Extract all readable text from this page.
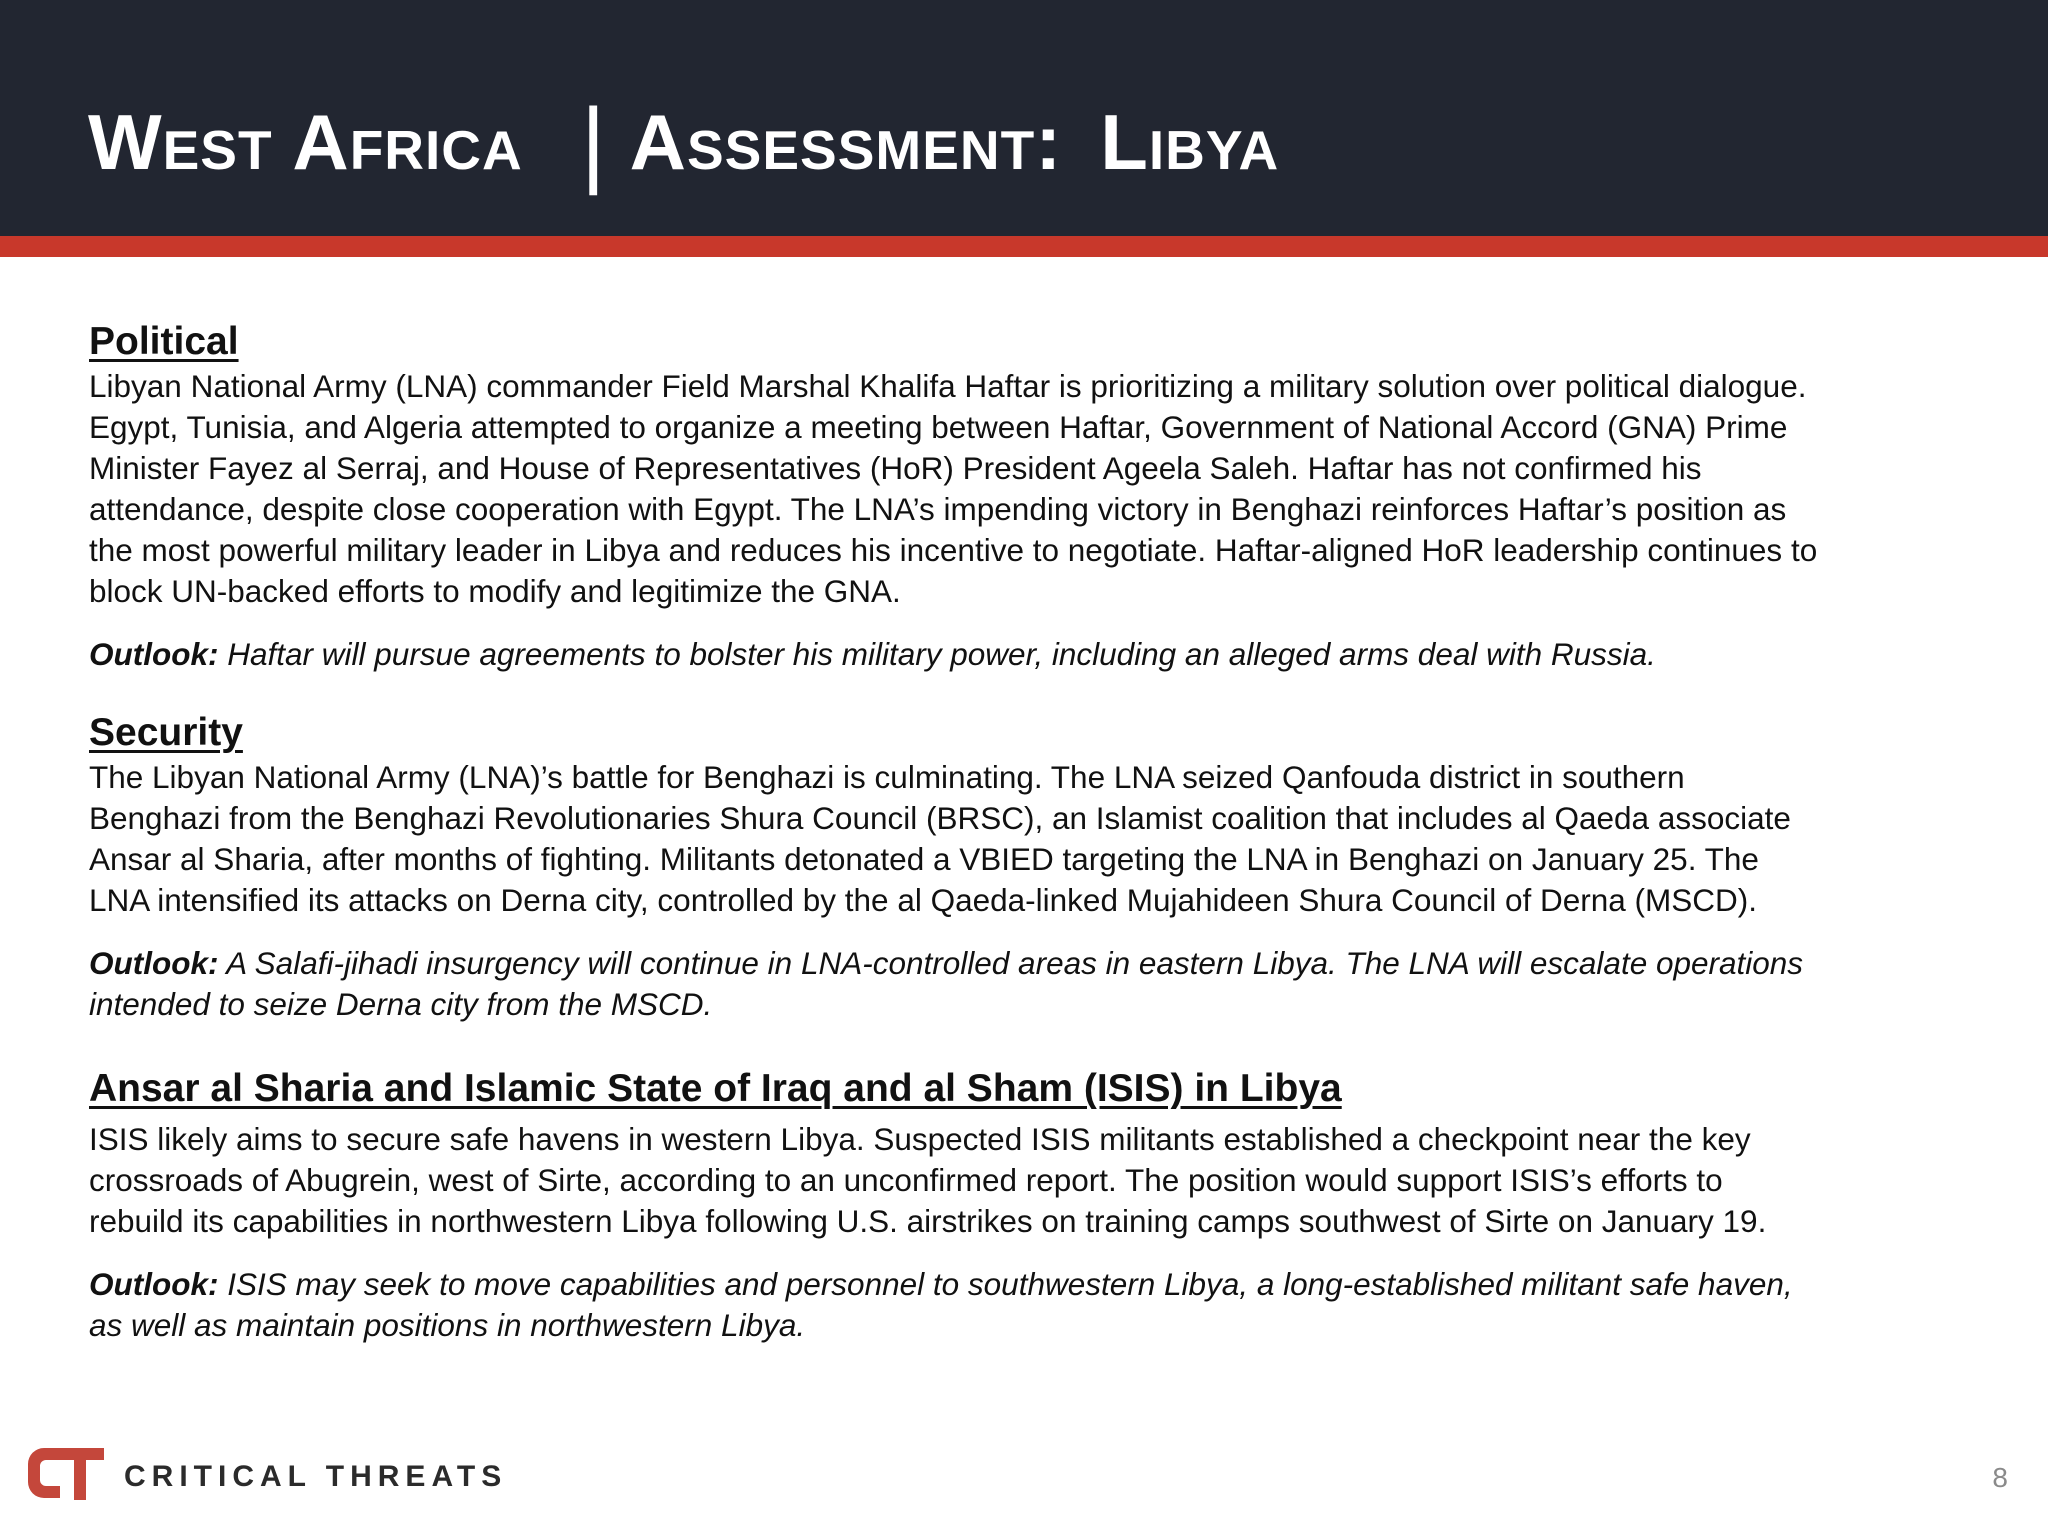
West Africa | Assessment: Libya
Political
Libyan National Army (LNA) commander Field Marshal Khalifa Haftar is prioritizing a military solution over political dialogue.
Egypt, Tunisia, and Algeria attempted to organize a meeting between Haftar, Government of National Accord (GNA) Prime
Minister Fayez al Serraj, and House of Representatives (HoR) President Ageela Saleh. Haftar has not confirmed his
attendance, despite close cooperation with Egypt. The LNA’s impending victory in Benghazi reinforces Haftar’s position as
the most powerful military leader in Libya and reduces his incentive to negotiate. Haftar-aligned HoR leadership continues to
block UN-backed efforts to modify and legitimize the GNA.
Outlook: Haftar will pursue agreements to bolster his military power, including an alleged arms deal with Russia.
Security
The Libyan National Army (LNA)’s battle for Benghazi is culminating. The LNA seized Qanfouda district in southern
Benghazi from the Benghazi Revolutionaries Shura Council (BRSC), an Islamist coalition that includes al Qaeda associate
Ansar al Sharia, after months of fighting. Militants detonated a VBIED targeting the LNA in Benghazi on January 25. The
LNA intensified its attacks on Derna city, controlled by the al Qaeda-linked Mujahideen Shura Council of Derna (MSCD).
Outlook: A Salafi-jihadi insurgency will continue in LNA-controlled areas in eastern Libya. The LNA will escalate operations
intended to seize Derna city from the MSCD.
Ansar al Sharia and Islamic State of Iraq and al Sham (ISIS) in Libya
ISIS likely aims to secure safe havens in western Libya. Suspected ISIS militants established a checkpoint near the key
crossroads of Abugrein, west of Sirte, according to an unconfirmed report. The position would support ISIS’s efforts to
rebuild its capabilities in northwestern Libya following U.S. airstrikes on training camps southwest of Sirte on January 19.
Outlook: ISIS may seek to move capabilities and personnel to southwestern Libya, a long-established militant safe haven,
as well as maintain positions in northwestern Libya.
CRITICAL THREATS	8
